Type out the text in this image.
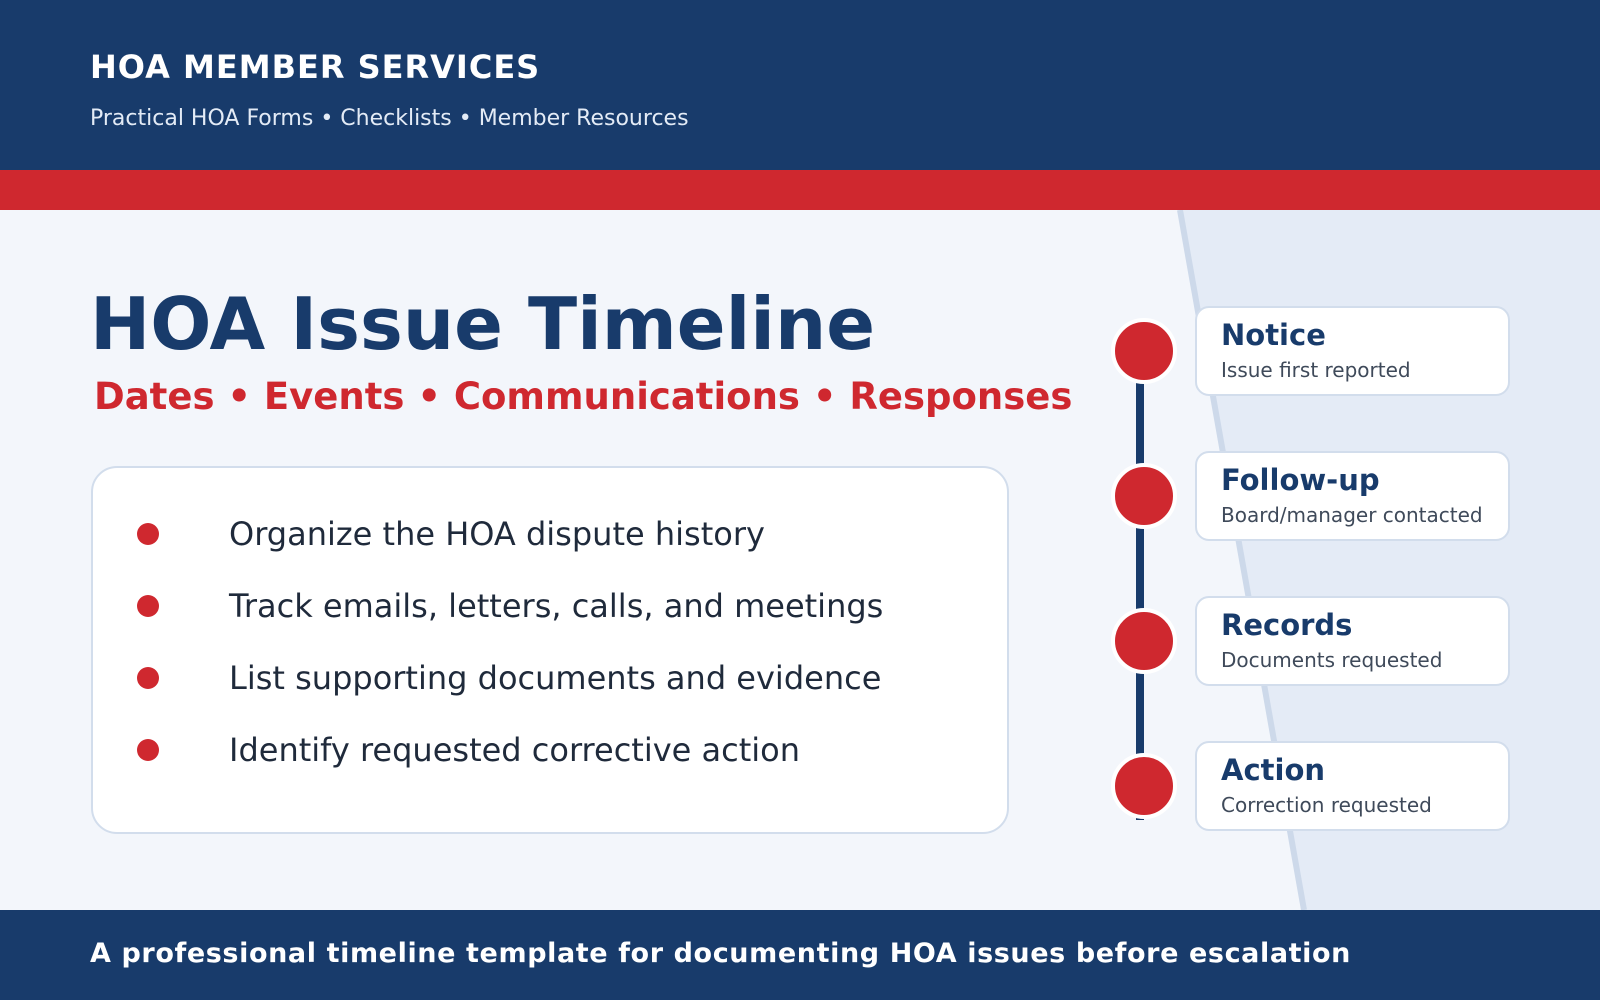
HOA MEMBER SERVICES
Practical HOA Forms • Checklists • Member Resources
HOA Issue Timeline
Dates • Events • Communications • Responses
Organize the HOA dispute history
Track emails, letters, calls, and meetings
List supporting documents and evidence
Identify requested corrective action
Notice
Issue first reported
Follow-up
Board/manager contacted
Records
Documents requested
Action
Correction requested
A professional timeline template for documenting HOA issues before escalation
